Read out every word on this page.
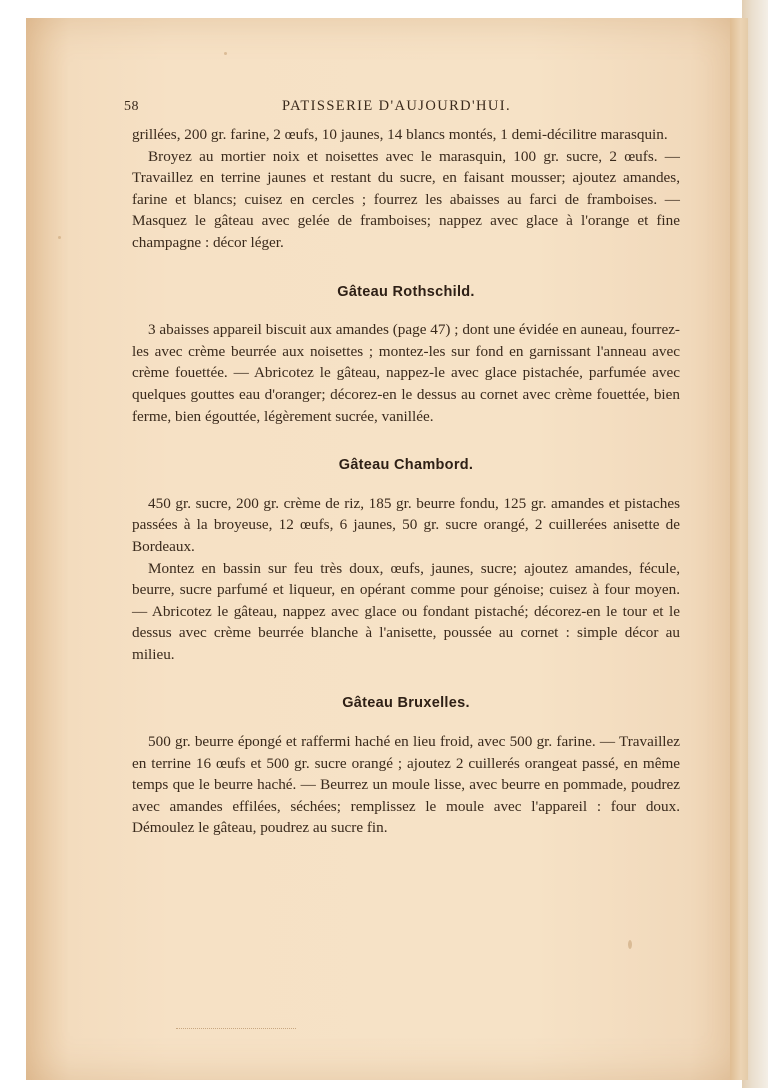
58	PATISSERIE D'AUJOURD'HUI.

grillées, 200 gr. farine, 2 œufs, 10 jaunes, 14 blancs montés, 1 demi-décilitre marasquin.

Broyez au mortier noix et noisettes avec le marasquin, 100 gr. sucre, 2 œufs. — Travaillez en terrine jaunes et restant du sucre, en faisant mousser; ajoutez amandes, farine et blancs; cuisez en cercles ; fourrez les abaisses au farci de framboises. — Masquez le gâteau avec gelée de framboises; nappez avec glace à l'orange et fine champagne : décor léger.

Gâteau Rothschild.

3 abaisses appareil biscuit aux amandes (page 47) ; dont une évidée en auneau, fourrez-les avec crème beurrée aux noisettes ; montez-les sur fond en garnissant l'anneau avec crème fouettée. — Abricotez le gâteau, nappez-le avec glace pistachée, parfumée avec quelques gouttes eau d'oranger; décorez-en le dessus au cornet avec crème fouettée, bien ferme, bien égouttée, légèrement sucrée, vanillée.

Gâteau Chambord.

450 gr. sucre, 200 gr. crème de riz, 185 gr. beurre fondu, 125 gr. amandes et pistaches passées à la broyeuse, 12 œufs, 6 jaunes, 50 gr. sucre orangé, 2 cuillerées anisette de Bordeaux.

Montez en bassin sur feu très doux, œufs, jaunes, sucre; ajoutez amandes, fécule, beurre, sucre parfumé et liqueur, en opérant comme pour génoise; cuisez à four moyen. — Abricotez le gâteau, nappez avec glace ou fondant pistaché; décorez-en le tour et le dessus avec crème beurrée blanche à l'anisette, poussée au cornet : simple décor au milieu.

Gâteau Bruxelles.

500 gr. beurre épongé et raffermi haché en lieu froid, avec 500 gr. farine. — Travaillez en terrine 16 œufs et 500 gr. sucre orangé ; ajoutez 2 cuillerés orangeat passé, en même temps que le beurre haché. — Beurrez un moule lisse, avec beurre en pommade, poudrez avec amandes effilées, séchées; remplissez le moule avec l'appareil : four doux. Démoulez le gâteau, poudrez au sucre fin.
